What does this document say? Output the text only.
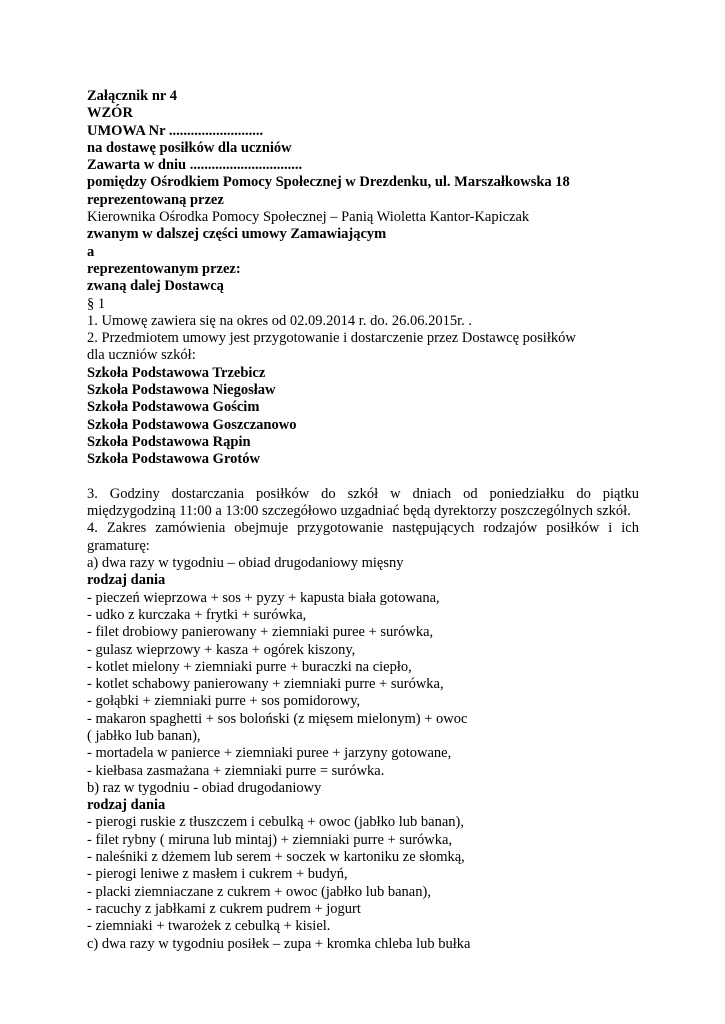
Załącznik nr 4
WZÓR
UMOWA Nr ..........................
na dostawę posiłków dla uczniów
Zawarta w dniu ...............................
pomiędzy Ośrodkiem Pomocy Społecznej w Drezdenku, ul. Marszałkowska 18
reprezentowaną przez
Kierownika Ośrodka Pomocy Społecznej – Panią Wioletta Kantor-Kapiczak
zwanym w dalszej części umowy Zamawiającym
a
reprezentowanym przez:
zwaną dalej Dostawcą
§ 1
1. Umowę zawiera się na okres od 02.09.2014 r. do. 26.06.2015r. .
2. Przedmiotem umowy jest przygotowanie i dostarczenie przez Dostawcę posiłków
dla uczniów szkół:
Szkoła Podstawowa Trzebicz
Szkoła Podstawowa Niegosław
Szkoła Podstawowa Gościm
Szkoła Podstawowa Goszczanowo
Szkoła Podstawowa Rąpin
Szkoła Podstawowa Grotów
3. Godziny dostarczania posiłków do szkół w dniach od poniedziałku do piątku
międzygodziną 11:00 a 13:00 szczegółowo uzgadniać będą dyrektorzy poszczególnych szkół.
4. Zakres zamówienia obejmuje przygotowanie następujących rodzajów posiłków i ich
gramaturę:
a) dwa razy w tygodniu – obiad drugodaniowy mięsny
rodzaj dania
- pieczeń wieprzowa + sos + pyzy + kapusta biała gotowana,
- udko z kurczaka + frytki + surówka,
- filet drobiowy panierowany + ziemniaki puree + surówka,
- gulasz wieprzowy + kasza + ogórek kiszony,
- kotlet mielony + ziemniaki purre + buraczki na ciepło,
- kotlet schabowy panierowany + ziemniaki purre + surówka,
- gołąbki + ziemniaki purre + sos pomidorowy,
- makaron spaghetti + sos boloński (z mięsem mielonym) + owoc
( jabłko lub banan),
- mortadela w panierce + ziemniaki puree + jarzyny gotowane,
- kiełbasa zasmażana + ziemniaki purre = surówka.
b) raz w tygodniu - obiad drugodaniowy
rodzaj dania
- pierogi ruskie z tłuszczem i cebulką + owoc (jabłko lub banan),
- filet rybny ( miruna lub mintaj) + ziemniaki purre + surówka,
- naleśniki z dżemem lub serem + soczek w kartoniku ze słomką,
- pierogi leniwe z masłem i cukrem + budyń,
- placki ziemniaczane z cukrem + owoc (jabłko lub banan),
- racuchy z jabłkami z cukrem pudrem + jogurt
- ziemniaki + twarożek z cebulką + kisiel.
c) dwa razy w tygodniu posiłek – zupa + kromka chleba lub bułka
